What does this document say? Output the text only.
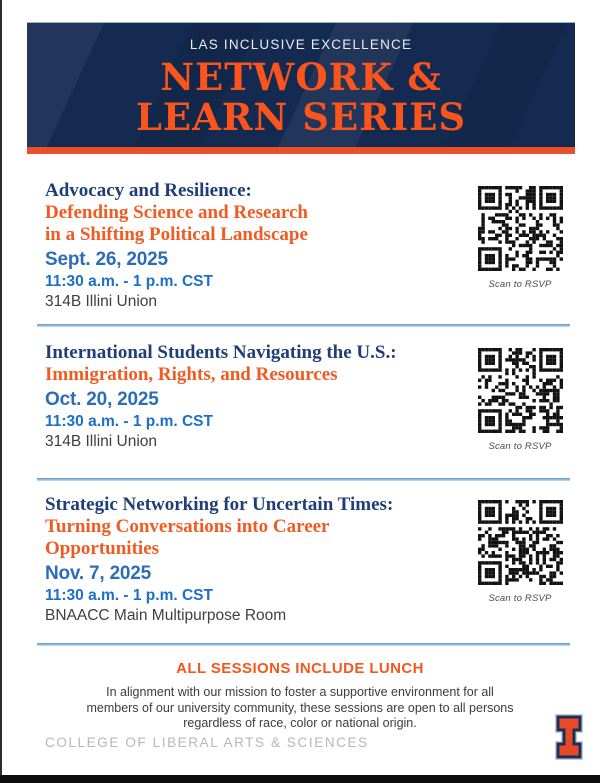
LAS INCLUSIVE EXCELLENCE
NETWORK &
LEARN SERIES
Advocacy and Resilience:
Defending Science and Research
in a Shifting Political Landscape
Sept. 26, 2025
11:30 a.m. - 1 p.m. CST
314B Illini Union
Scan to RSVP
International Students Navigating the U.S.:
Immigration, Rights, and Resources
Oct. 20, 2025
11:30 a.m. - 1 p.m. CST
314B Illini Union	Scan to RSVP
Strategic Networking for Uncertain Times:
Turning Conversations into Career
Opportunities
Nov. 7, 2025
11:30 a.m. - 1 p.m. CST
BNAACC Main Multipurpose Room
Scan to RSVP
ALL SESSIONS INCLUDE LUNCH
In alignment with our mission to foster a supportive environment for all
members of our university community, these sessions are open to all persons
regardless of race, color or national origin.
COLLEGE OF LIBERAL ARTS & SCIENCES
